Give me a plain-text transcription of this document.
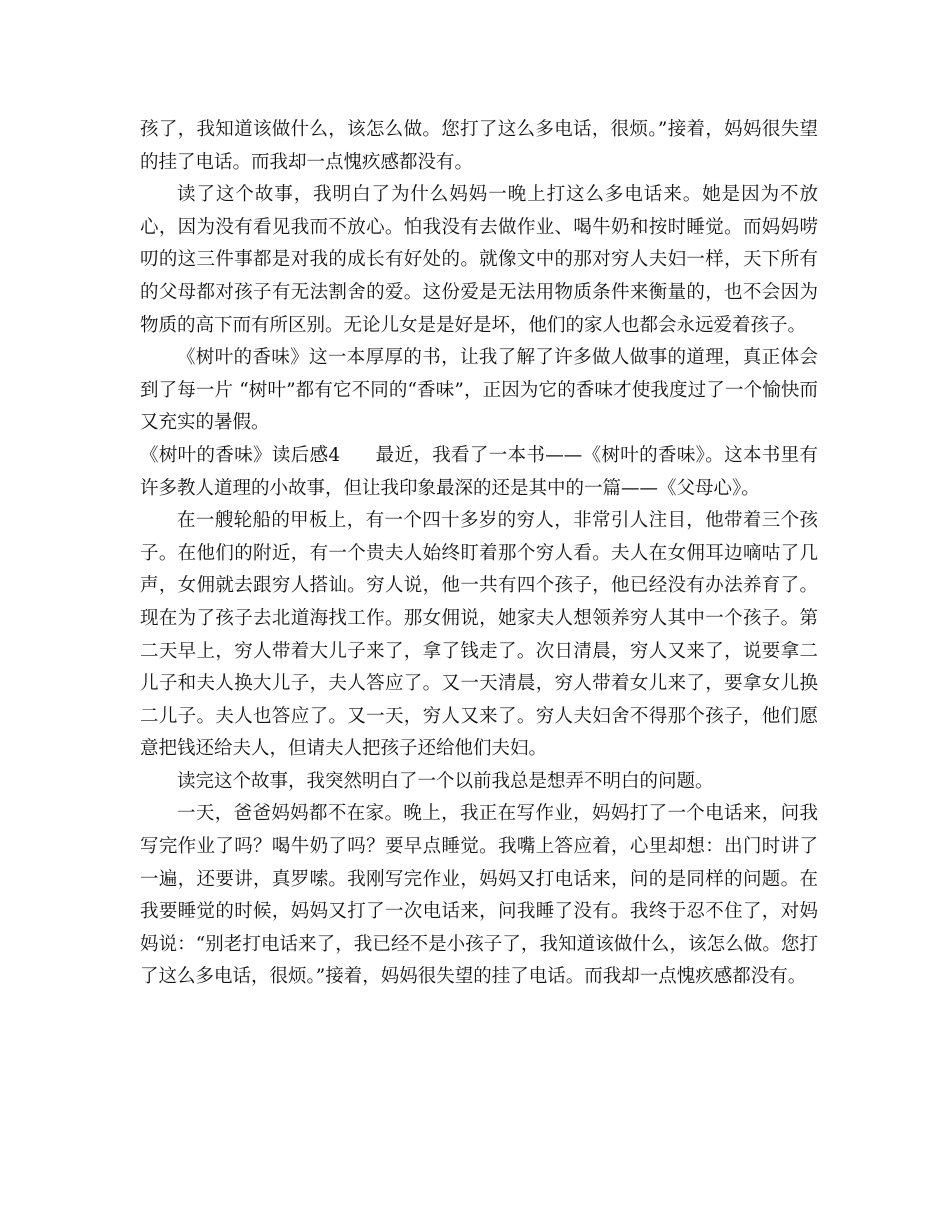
孩了，我知道该做什么，该怎么做。您打了这么多电话，很烦。”接着，妈妈很失望的挂了电话。而我却一点愧疚感都没有。

读了这个故事，我明白了为什么妈妈一晚上打这么多电话来。她是因为不放心，因为没有看见我而不放心。怕我没有去做作业、喝牛奶和按时睡觉。而妈妈唠叨的这三件事都是对我的成长有好处的。就像文中的那对穷人夫妇一样，天下所有的父母都对孩子有无法割舍的爱。这份爱是无法用物质条件来衡量的，也不会因为物质的高下而有所区别。无论儿女是是好是坏，他们的家人也都会永远爱着孩子。

《树叶的香味》这一本厚厚的书，让我了解了许多做人做事的道理，真正体会到了每一片 “树叶”都有它不同的“香味”，正因为它的香味才使我度过了一个愉快而又充实的暑假。

《树叶的香味》读后感4 最近，我看了一本书——《树叶的香味》。这本书里有许多教人道理的小故事，但让我印象最深的还是其中的一篇——《父母心》。

在一艘轮船的甲板上，有一个四十多岁的穷人，非常引人注目，他带着三个孩子。在他们的附近，有一个贵夫人始终盯着那个穷人看。夫人在女佣耳边嘀咕了几声，女佣就去跟穷人搭讪。穷人说，他一共有四个孩子，他已经没有办法养育了。现在为了孩子去北道海找工作。那女佣说，她家夫人想领养穷人其中一个孩子。第二天早上，穷人带着大儿子来了，拿了钱走了。次日清晨，穷人又来了，说要拿二儿子和夫人换大儿子，夫人答应了。又一天清晨，穷人带着女儿来了，要拿女儿换二儿子。夫人也答应了。又一天，穷人又来了。穷人夫妇舍不得那个孩子，他们愿意把钱还给夫人，但请夫人把孩子还给他们夫妇。

读完这个故事，我突然明白了一个以前我总是想弄不明白的问题。

一天，爸爸妈妈都不在家。晚上，我正在写作业，妈妈打了一个电话来，问我写完作业了吗？喝牛奶了吗？要早点睡觉。我嘴上答应着，心里却想：出门时讲了一遍，还要讲，真罗嗦。我刚写完作业，妈妈又打电话来，问的是同样的问题。在我要睡觉的时候，妈妈又打了一次电话来，问我睡了没有。我终于忍不住了，对妈妈说：“别老打电话来了，我已经不是小孩子了，我知道该做什么，该怎么做。您打了这么多电话，很烦。”接着，妈妈很失望的挂了电话。而我却一点愧疚感都没有。
